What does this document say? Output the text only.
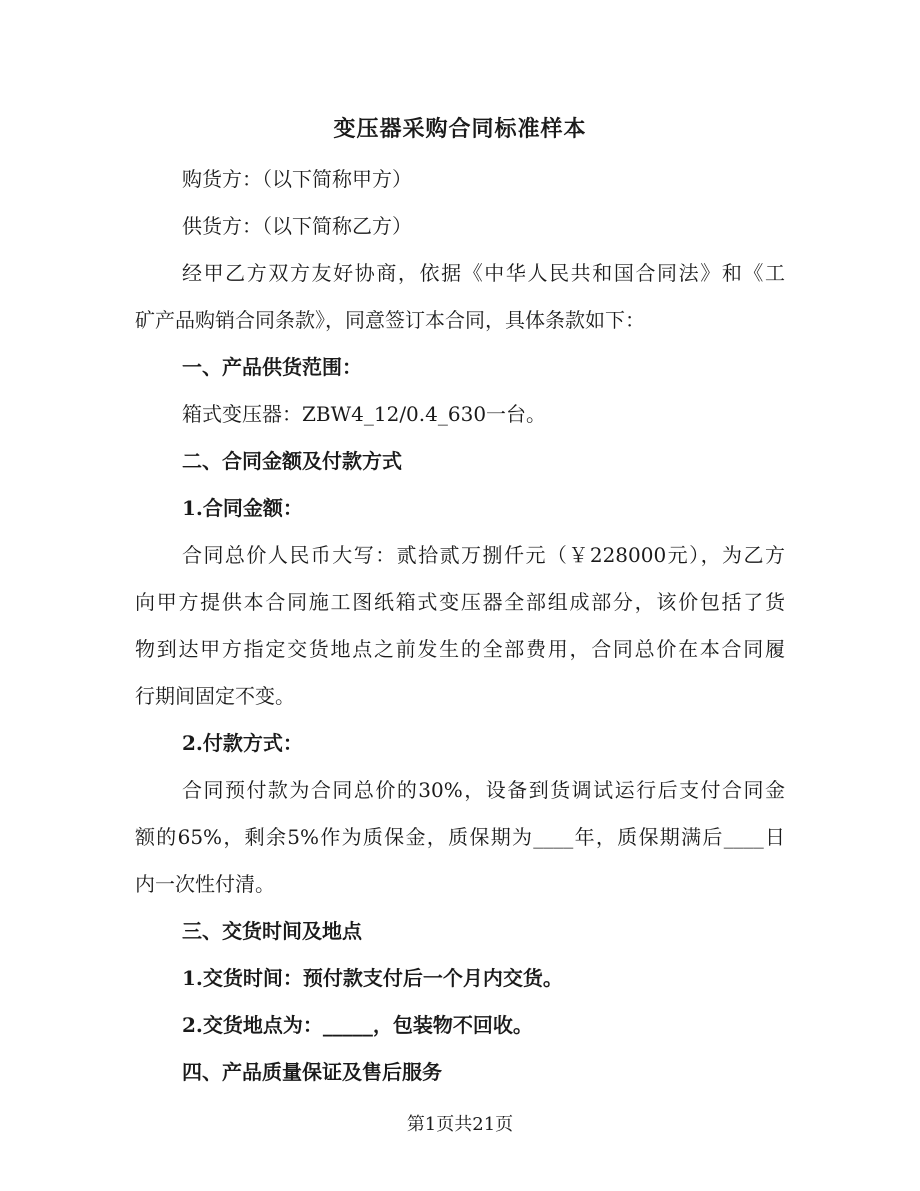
变压器采购合同标准样本

购货方：（以下简称甲方）

供货方：（以下简称乙方）

经甲乙方双方友好协商，依据《中华人民共和国合同法》和《工

矿产品购销合同条款》，同意签订本合同，具体条款如下：

一、产品供货范围：

箱式变压器：ZBW4_12/0.4_630一台。

二、合同金额及付款方式

1.合同金额：

合同总价人民币大写：贰拾贰万捌仟元（￥228000元），为乙方

向甲方提供本合同施工图纸箱式变压器全部组成部分，该价包括了货

物到达甲方指定交货地点之前发生的全部费用，合同总价在本合同履

行期间固定不变。

2.付款方式：

合同预付款为合同总价的30%，设备到货调试运行后支付合同金

额的65%，剩余5%作为质保金，质保期为____年，质保期满后____日

内一次性付清。

三、交货时间及地点

1.交货时间：预付款支付后一个月内交货。

2.交货地点为：_____，包装物不回收。

四、产品质量保证及售后服务

第1页共21页
